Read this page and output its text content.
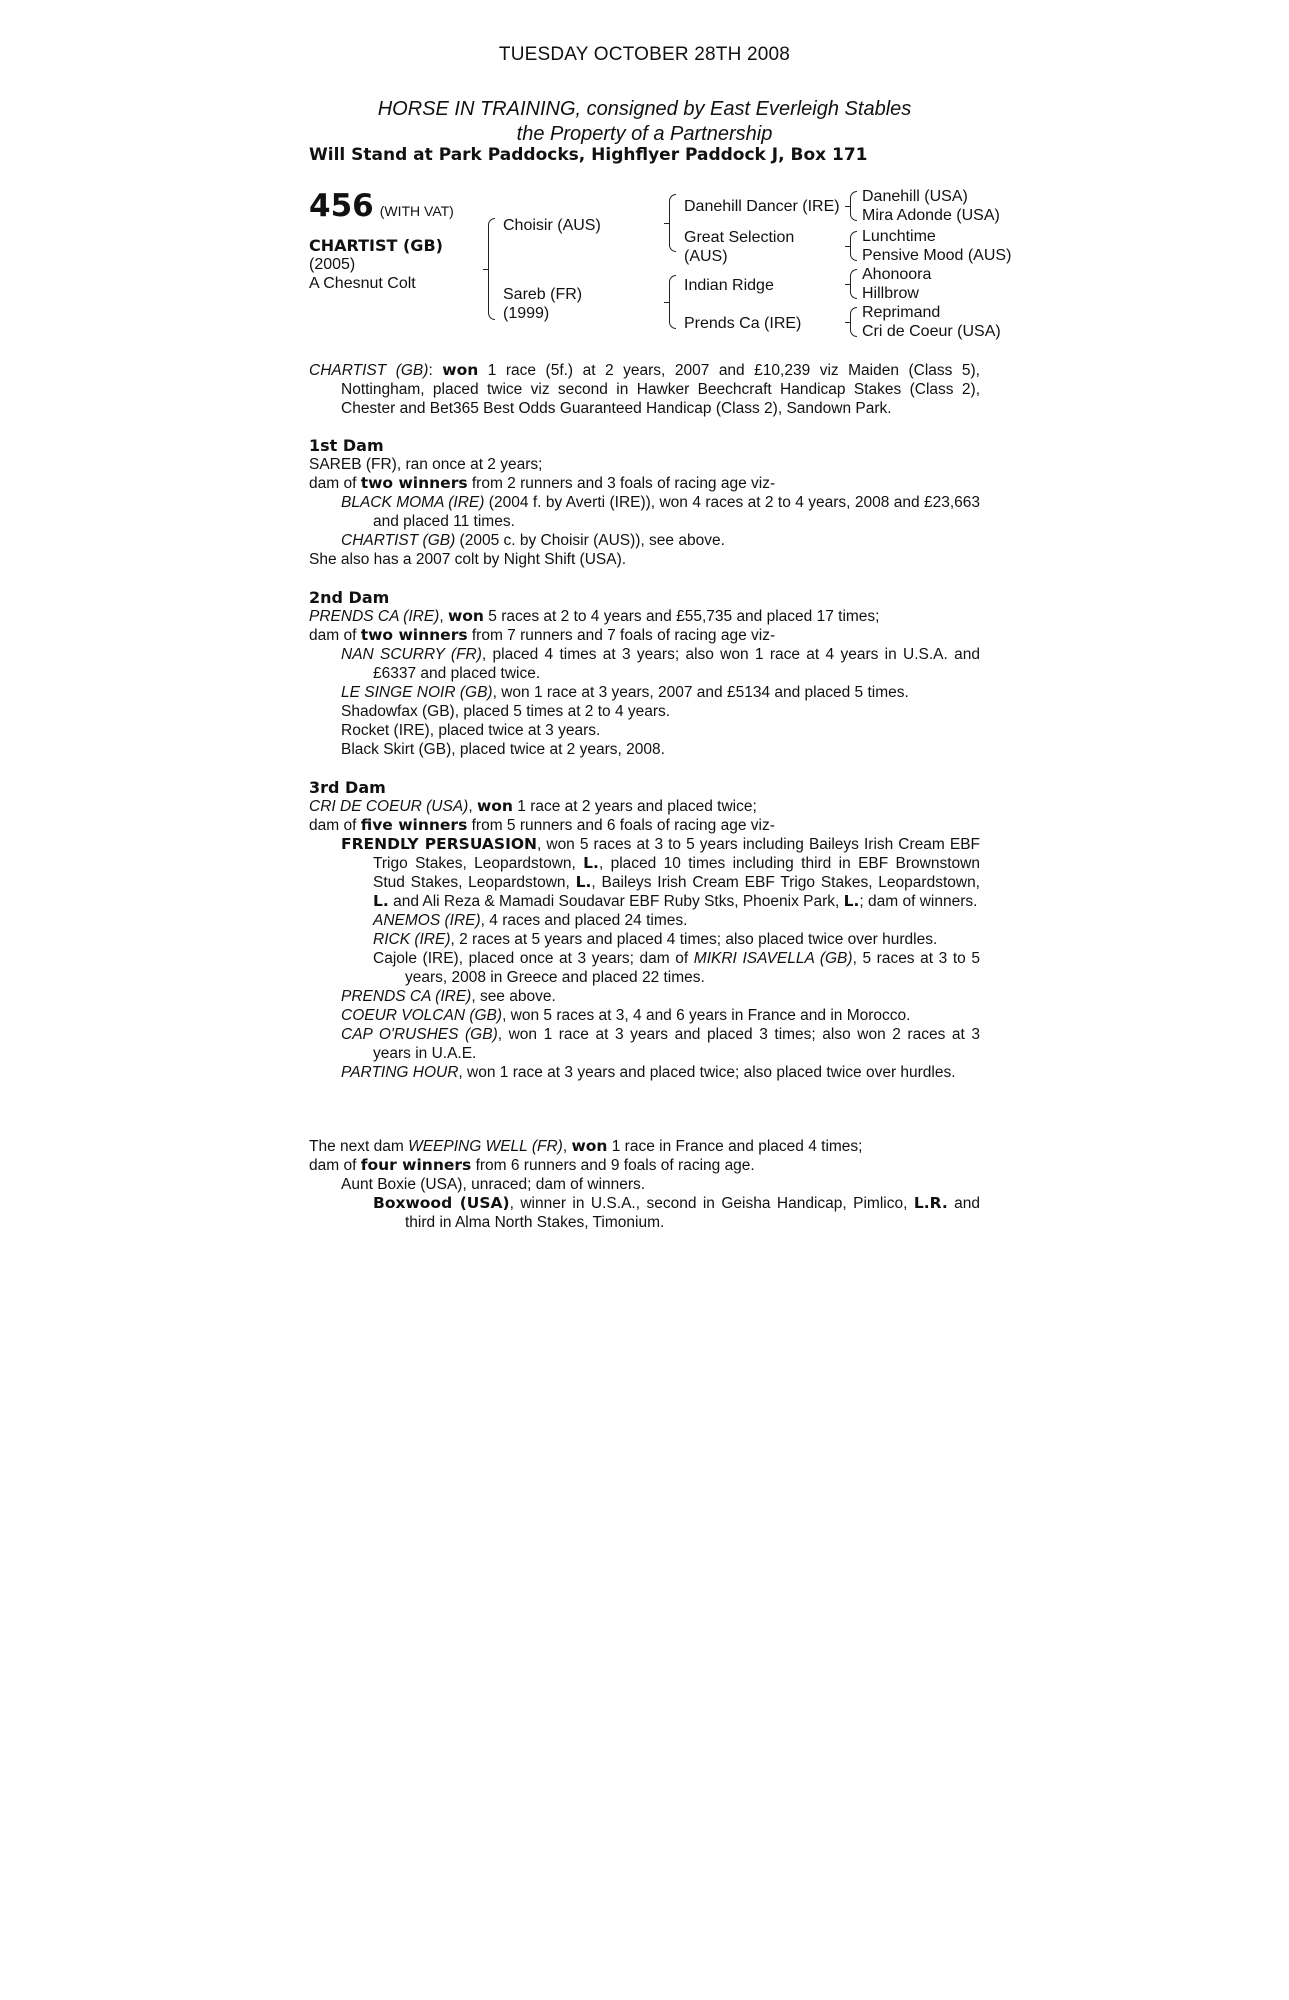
TUESDAY OCTOBER 28TH 2008
HORSE IN TRAINING, consigned by East Everleigh Stables
the Property of a Partnership
Will Stand at Park Paddocks, Highflyer Paddock J, Box 171
456 (WITH VAT)
CHARTIST (GB)
(2005)
A Chesnut Colt
Choisir (AUS)
Sareb (FR)
(1999)
Danehill Dancer (IRE)
Great Selection
(AUS)
Indian Ridge
Prends Ca (IRE)
Danehill (USA)
Mira Adonde (USA)
Lunchtime
Pensive Mood (AUS)
Ahonoora
Hillbrow
Reprimand
Cri de Coeur (USA)

CHARTIST (GB): won 1 race (5f.) at 2 years, 2007 and £10,239 viz Maiden (Class 5), Nottingham, placed twice viz second in Hawker Beechcraft Handicap Stakes (Class 2), Chester and Bet365 Best Odds Guaranteed Handicap (Class 2), Sandown Park.

1st Dam

SAREB (FR), ran once at 2 years;

dam of two winners from 2 runners and 3 foals of racing age viz-

BLACK MOMA (IRE) (2004 f. by Averti (IRE)), won 4 races at 2 to 4 years, 2008 and £23,663 and placed 11 times.

CHARTIST (GB) (2005 c. by Choisir (AUS)), see above.

She also has a 2007 colt by Night Shift (USA).

2nd Dam

PRENDS CA (IRE), won 5 races at 2 to 4 years and £55,735 and placed 17 times;

dam of two winners from 7 runners and 7 foals of racing age viz-

NAN SCURRY (FR), placed 4 times at 3 years; also won 1 race at 4 years in U.S.A. and £6337 and placed twice.

LE SINGE NOIR (GB), won 1 race at 3 years, 2007 and £5134 and placed 5 times.

Shadowfax (GB), placed 5 times at 2 to 4 years.

Rocket (IRE), placed twice at 3 years.

Black Skirt (GB), placed twice at 2 years, 2008.

3rd Dam

CRI DE COEUR (USA), won 1 race at 2 years and placed twice;

dam of five winners from 5 runners and 6 foals of racing age viz-

FRENDLY PERSUASION, won 5 races at 3 to 5 years including Baileys Irish Cream EBF Trigo Stakes, Leopardstown, L., placed 10 times including third in EBF Brownstown Stud Stakes, Leopardstown, L., Baileys Irish Cream EBF Trigo Stakes, Leopardstown, L. and Ali Reza & Mamadi Soudavar EBF Ruby Stks, Phoenix Park, L.; dam of winners.

ANEMOS (IRE), 4 races and placed 24 times.

RICK (IRE), 2 races at 5 years and placed 4 times; also placed twice over hurdles.

Cajole (IRE), placed once at 3 years; dam of MIKRI ISAVELLA (GB), 5 races at 3 to 5 years, 2008 in Greece and placed 22 times.

PRENDS CA (IRE), see above.

COEUR VOLCAN (GB), won 5 races at 3, 4 and 6 years in France and in Morocco.

CAP O'RUSHES (GB), won 1 race at 3 years and placed 3 times; also won 2 races at 3 years in U.A.E.

PARTING HOUR, won 1 race at 3 years and placed twice; also placed twice over hurdles.

The next dam WEEPING WELL (FR), won 1 race in France and placed 4 times;

dam of four winners from 6 runners and 9 foals of racing age.

Aunt Boxie (USA), unraced; dam of winners.

Boxwood (USA), winner in U.S.A., second in Geisha Handicap, Pimlico, L.R. and third in Alma North Stakes, Timonium.
